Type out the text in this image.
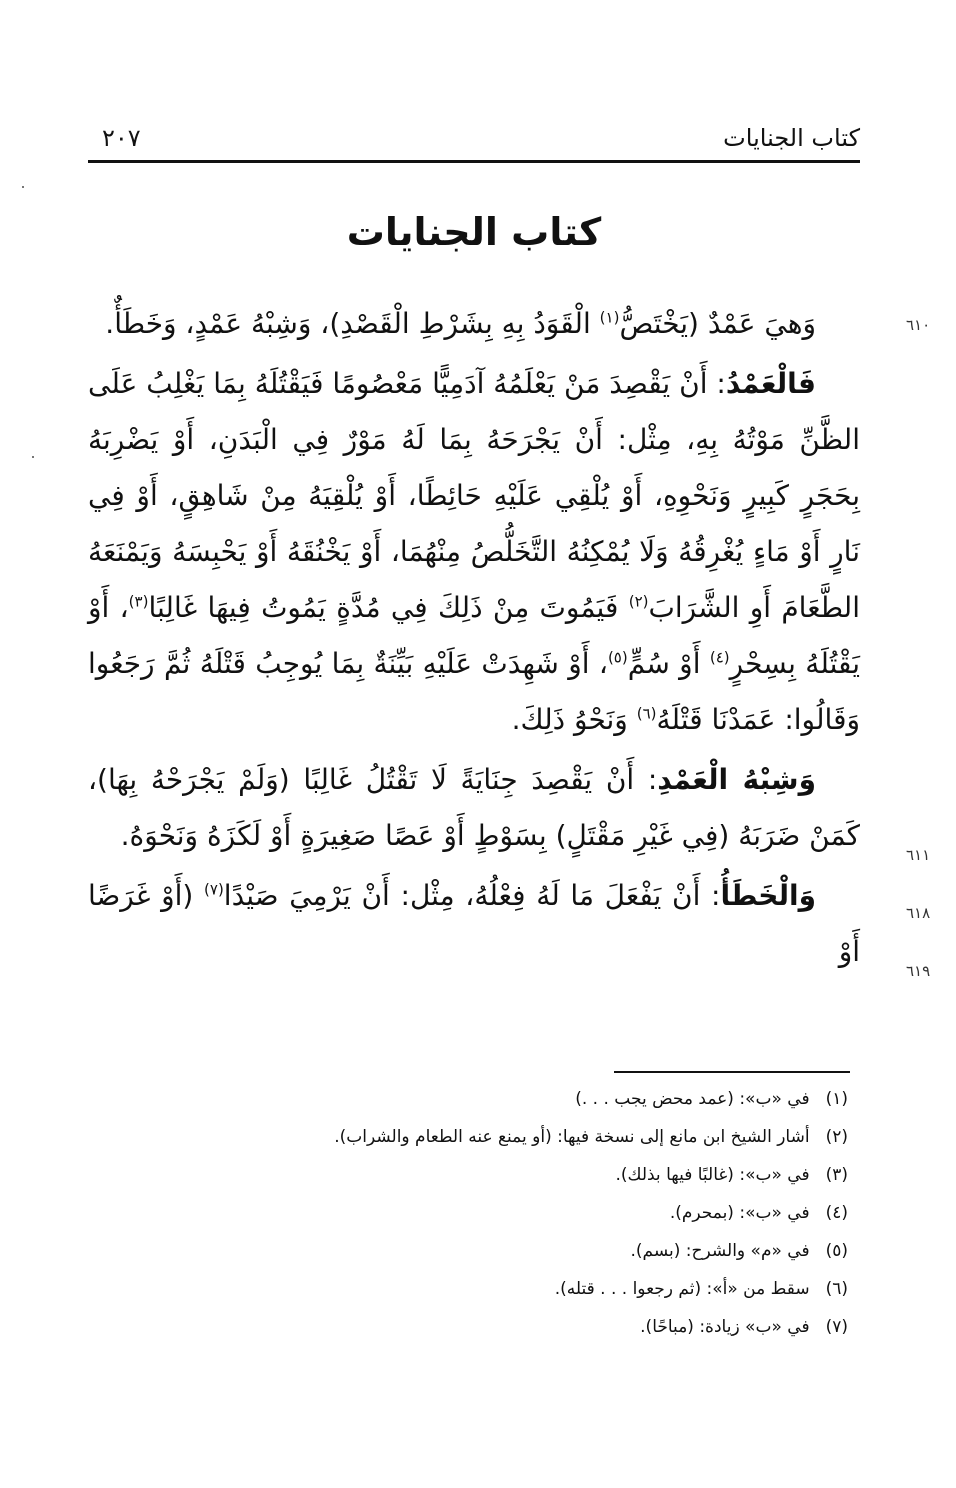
كتاب الجنايات
٢٠٧
كتاب الجنايات
٦١٠
٦١١
٦١٨
٦١٩

وَهيَ عَمْدٌ (يَخْتَصُّ$^{(١)}$ الْقَوَدُ بِهِ بِشَرْطِ الْقَصْدِ)، وَشِبْهُ عَمْدٍ، وَخَطَأٌ.

فَالْعَمْدُ: أَنْ يَقْصِدَ مَنْ يَعْلَمُهُ آدَمِيًّا مَعْصُومًا فَيَقْتُلَهُ بِمَا يَغْلِبُ عَلَى الظَّنِّ مَوْتُهُ بِهِ، مِثْل: أَنْ يَجْرَحَهُ بِمَا لَهُ مَوْرٌ فِي الْبَدَنِ، أَوْ يَضْرِبَهُ بِحَجَرٍ كَبِيرٍ وَنَحْوِهِ، أَوْ يُلْقِي عَلَيْهِ حَائِطًا، أَوْ يُلْقِيَهُ مِنْ شَاهِقٍ، أَوْ فِي نَارٍ أَوْ مَاءٍ يُغْرِقُهُ وَلَا يُمْكِنُهُ التَّخَلُّصُ مِنْهُمَا، أَوْ يَخْنُقَهُ أَوْ يَحْبِسَهُ وَيَمْنَعَهُ الطَّعَامَ أَوِ الشَّرَابَ$^{(٢)}$ فَيَمُوتَ مِنْ ذَلِكَ فِي مُدَّةٍ يَمُوتُ فِيهَا غَالِبًا$^{(٣)}$، أَوْ يَقْتُلَهُ بِسِحْرٍ$^{(٤)}$ أَوْ سُمٍّ$^{(٥)}$، أَوْ شَهِدَتْ عَلَيْهِ بَيِّنَةٌ بِمَا يُوجِبُ قَتْلَهُ ثُمَّ رَجَعُوا وَقَالُوا: عَمَدْنَا قَتْلَهُ$^{(٦)}$ وَنَحْوُ ذَلِكَ.

وَشِبْهُ الْعَمْدِ: أَنْ يَقْصِدَ جِنَايَةً لَا تَقْتُلُ غَالِبًا (وَلَمْ يَجْرَحْهُ بِهَا)، كَمَنْ ضَرَبَهُ (فِي غَيْرِ مَقْتَلٍ) بِسَوْطٍ أَوْ عَصًا صَغِيرَةٍ أَوْ لَكَزَهُ وَنَحْوَهُ.

وَالْخَطَأُ: أَنْ يَفْعَلَ مَا لَهُ فِعْلُهُ، مِثْل: أَنْ يَرْمِيَ صَيْدًا$^{(٧)}$ (أَوْ غَرَضًا أَوْ

(١)في «ب»: (عمد محض يجب . . .)
(٢)أشار الشيخ ابن مانع إلى نسخة فيها: (أو يمنع عنه الطعام والشراب).
(٣)في «ب»: (غالبًا فيها بذلك).
(٤)في «ب»: (بمحرم).
(٥)في «م» والشرح: (بسم).
(٦)سقط من «أ»: (ثم رجعوا . . . قتله).
(٧)في «ب» زيادة: (مباحًا).
